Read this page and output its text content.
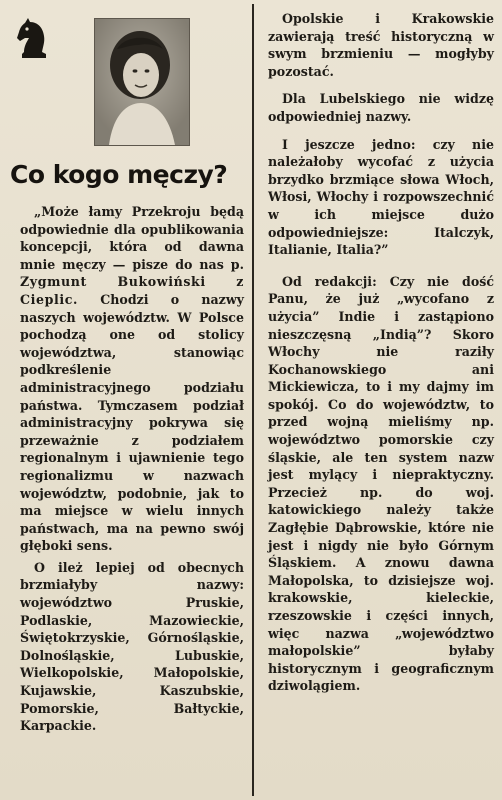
Co kogo męczy?

„Może łamy Przekroju będą odpowiednie dla opublikowania koncepcji, która od dawna mnie męczy — pisze do nas p. Zygmunt Bukowiński z Cieplic. Chodzi o nazwy naszych województw. W Polsce pochodzą one od stolicy województwa, stanowiąc podkreślenie administracyjnego podziału państwa. Tymczasem podział administracyjny pokrywa się przeważnie z podziałem regionalnym i ujawnienie tego regionalizmu w nazwach województw, podobnie, jak to ma miejsce w wielu innych państwach, ma na pewno swój głęboki sens.

O ileż lepiej od obecnych brzmiałyby nazwy: województwo Pruskie, Podlaskie, Mazowieckie, Świętokrzyskie, Górnośląskie, Dolnośląskie, Lubuskie, Wielkopolskie, Małopolskie, Kujawskie, Kaszubskie, Pomorskie, Bałtyckie, Karpackie.

Opolskie i Krakowskie zawierają treść historyczną w swym brzmieniu — mogłyby pozostać.

Dla Lubelskiego nie widzę odpowiedniej nazwy.

I jeszcze jedno: czy nie należałoby wycofać z użycia brzydko brzmiące słowa Włoch, Włosi, Włochy i rozpowszechnić w ich miejsce dużo odpowiedniejsze: Italczyk, Italianie, Italia?”

Od redakcji: Czy nie dość Panu, że już „wycofano z użycia” Indie i zastąpiono nieszczęsną „Indią”? Skoro Włochy nie raziły Kochanowskiego ani Mickiewicza, to i my dajmy im spokój. Co do województw, to przed wojną mieliśmy np. województwo pomorskie czy śląskie, ale ten system nazw jest mylący i niepraktyczny. Przecież np. do woj. katowickiego należy także Zagłębie Dąbrowskie, które nie jest i nigdy nie było Górnym Śląskiem. A znowu dawna Małopolska, to dzisiejsze woj. krakowskie, kieleckie, rzeszowskie i części innych, więc nazwa „województwo małopolskie” byłaby historycznym i geograficznym dziwolągiem.
